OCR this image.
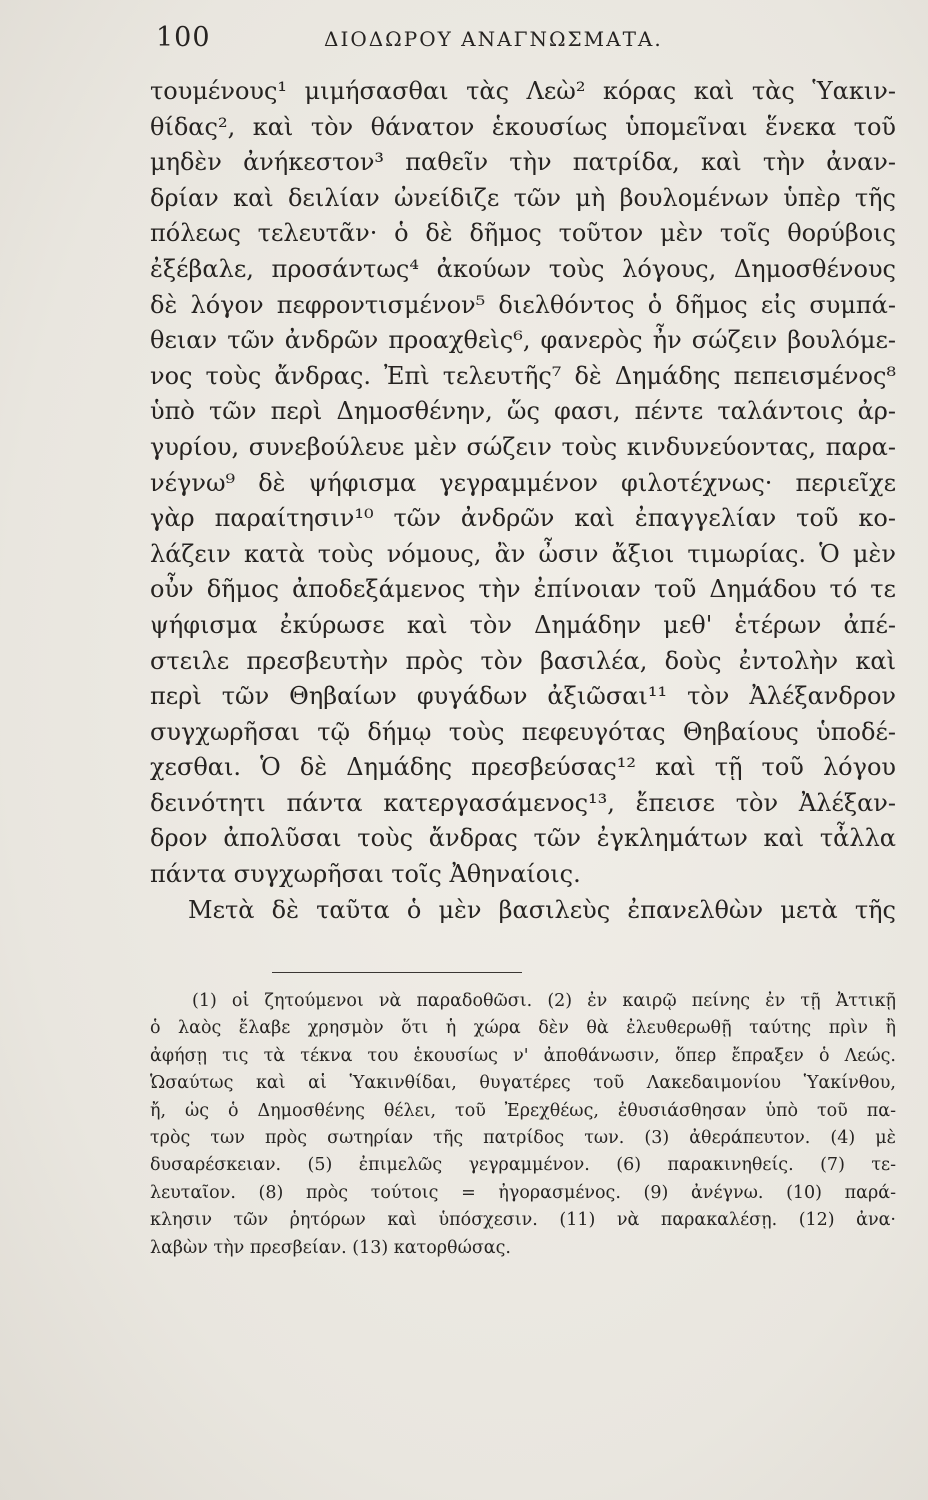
100	ΔΙΟΔΩΡΟΥ ΑΝΑΓΝΩΣΜΑΤΑ.
τουμένους¹ μιμήσασθαι τὰς Λεὼ² κόρας καὶ τὰς Ὑακιν-
θίδας², καὶ τὸν θάνατον ἑκουσίως ὑπομεῖναι ἕνεκα τοῦ
μηδὲν ἀνήκεστον³ παθεῖν τὴν πατρίδα, καὶ τὴν ἀναν-
δρίαν καὶ δειλίαν ὠνείδιζε τῶν μὴ βουλομένων ὑπὲρ τῆς
πόλεως τελευτᾶν· ὁ δὲ δῆμος τοῦτον μὲν τοῖς θορύβοις
ἐξέβαλε, προσάντως⁴ ἀκούων τοὺς λόγους, Δημοσθένους
δὲ λόγον πεφροντισμένον⁵ διελθόντος ὁ δῆμος εἰς συμπά-
θειαν τῶν ἀνδρῶν προαχθεὶς⁶, φανερὸς ἦν σώζειν βουλόμε-
νος τοὺς ἄνδρας. Ἐπὶ τελευτῆς⁷ δὲ Δημάδης πεπεισμένος⁸
ὑπὸ τῶν περὶ Δημοσθένην, ὥς φασι, πέντε ταλάντοις ἀρ-
γυρίου, συνεβούλευε μὲν σώζειν τοὺς κινδυνεύοντας, παρα-
νέγνω⁹ δὲ ψήφισμα γεγραμμένον φιλοτέχνως· περιεῖχε
γὰρ παραίτησιν¹⁰ τῶν ἀνδρῶν καὶ ἐπαγγελίαν τοῦ κο-
λάζειν κατὰ τοὺς νόμους, ἂν ὦσιν ἄξιοι τιμωρίας. Ὁ μὲν
οὖν δῆμος ἀποδεξάμενος τὴν ἐπίνοιαν τοῦ Δημάδου τό τε
ψήφισμα ἐκύρωσε καὶ τὸν Δημάδην μεθ' ἑτέρων ἀπέ-
στειλε πρεσβευτὴν πρὸς τὸν βασιλέα, δοὺς ἐντολὴν καὶ
περὶ τῶν Θηβαίων φυγάδων ἀξιῶσαι¹¹ τὸν Ἀλέξανδρον
συγχωρῆσαι τῷ δήμῳ τοὺς πεφευγότας Θηβαίους ὑποδέ-
χεσθαι. Ὁ δὲ Δημάδης πρεσβεύσας¹² καὶ τῇ τοῦ λόγου
δεινότητι πάντα κατεργασάμενος¹³, ἔπεισε τὸν Ἀλέξαν-
δρον ἀπολῦσαι τοὺς ἄνδρας τῶν ἐγκλημάτων καὶ τἆλλα
πάντα συγχωρῆσαι τοῖς Ἀθηναίοις.
Μετὰ δὲ ταῦτα ὁ μὲν βασιλεὺς ἐπανελθὼν μετὰ τῆς
(1) οἱ ζητούμενοι νὰ παραδοθῶσι. (2) ἐν καιρῷ πείνης ἐν τῇ Ἀττικῇ
ὁ λαὸς ἔλαβε χρησμὸν ὅτι ἡ χώρα δὲν θὰ ἐλευθερωθῇ ταύτης πρὶν ἢ
ἀφήσῃ τις τὰ τέκνα του ἑκουσίως ν' ἀποθάνωσιν, ὅπερ ἔπραξεν ὁ Λεώς.
Ὡσαύτως καὶ αἱ Ὑακινθίδαι, θυγατέρες τοῦ Λακεδαιμονίου Ὑακίνθου,
ἤ, ὡς ὁ Δημοσθένης θέλει, τοῦ Ἐρεχθέως, ἐθυσιάσθησαν ὑπὸ τοῦ πα-
τρὸς των πρὸς σωτηρίαν τῆς πατρίδος των. (3) ἀθεράπευτον. (4) μὲ
δυσαρέσκειαν. (5) ἐπιμελῶς γεγραμμένον. (6) παρακινηθείς. (7) τε-
λευταῖον. (8) πρὸς τούτοις = ἠγορασμένος. (9) ἀνέγνω. (10) παρά-
κλησιν τῶν ῥητόρων καὶ ὑπόσχεσιν. (11) νὰ παρακαλέσῃ. (12) ἀνα·
λαβὼν τὴν πρεσβείαν. (13) κατορθώσας.
